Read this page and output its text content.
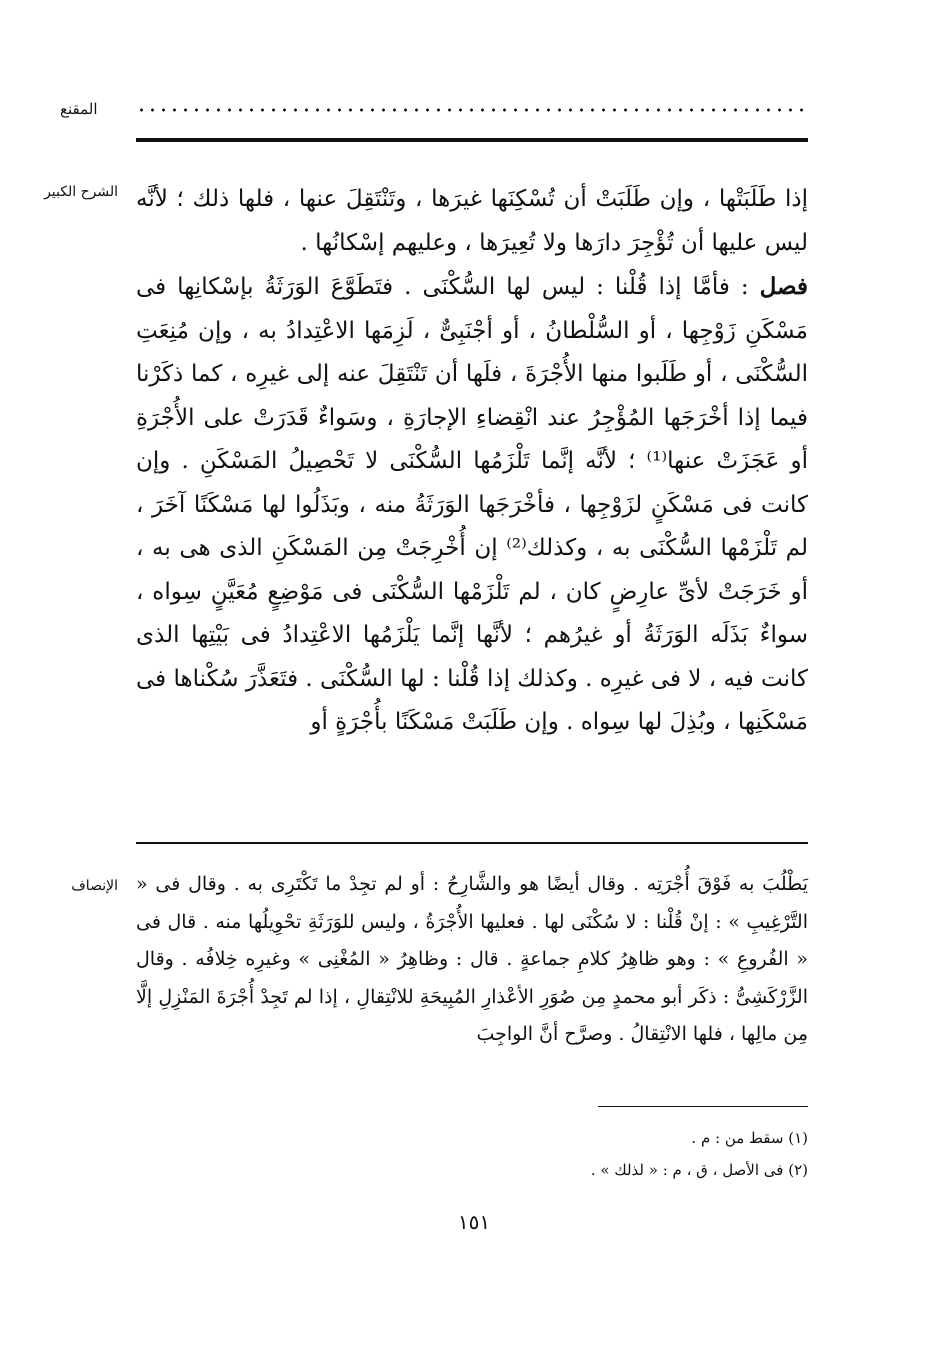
المقنع
الشرح الكبير إذا طَلَبَتْها ، وإن طَلَبَتْ أن تُسْكِنَها غيرَها ، وتَنْتَقِلَ عنها ، فلها ذلك ؛ لأنَّه ليس عليها أن تُؤْجِرَ دارَها ولا تُعِيرَها ، وعليهم إسْكانُها .

فصل : فأمَّا إذا قُلْنا : ليس لها السُّكْنَى . فتَطَوَّعَ الوَرَثَةُ بإسْكانِها فى مَسْكَنِ زَوْجِها ، أو السُّلْطانُ ، أو أجْنَبِىٌّ ، لَزِمَها الاعْتِدادُ به ، وإن مُنِعَتِ السُّكْنَى ، أو طَلَبوا منها الأُجْرَةَ ، فلَها أن تَنْتَقِلَ عنه إلى غيرِه ، كما ذكَرْنا فيما إذا أخْرَجَها المُؤْجِرُ عند انْقِضاءِ الإجارَةِ ، وسَواءٌ قَدَرَتْ على الأُجْرَةِ أو عَجَزَتْ عنها⁽¹⁾ ؛ لأنَّه إنَّما تَلْزَمُها السُّكْنَى لا تَحْصِيلُ المَسْكَنِ . وإن كانت فى مَسْكَنٍ لزَوْجِها ، فأخْرَجَها الوَرَثَةُ منه ، وبَذَلُوا لها مَسْكَنًا آخَرَ ، لم تَلْزَمْها السُّكْنَى به ، وكذلك⁽²⁾ إن أُخْرِجَتْ مِن المَسْكَنِ الذى هى به ، أو خَرَجَتْ لأىِّ عارِضٍ كان ، لم تَلْزَمْها السُّكْنَى فى مَوْضِعٍ مُعَيَّنٍ سِواه ، سواءٌ بَذَلَه الوَرَثَةُ أو غيرُهم ؛ لأنَّها إنَّما يَلْزَمُها الاعْتِدادُ فى بَيْتِها الذى كانت فيه ، لا فى غيرِه . وكذلك إذا قُلْنا : لها السُّكْنَى . فتَعَذَّرَ سُكْناها فى مَسْكَنِها ، وبُذِلَ لها سِواه . وإن طَلَبَتْ مَسْكَنًا بأُجْرَةٍ أو

الإنصاف يَطْلُبَ به فَوْقَ أُجْرَتِه . وقال أيضًا هو والشَّارِحُ : أو لم تجِدْ ما تَكْتَرِى به . وقال فى « التَّرْغِيبِ » : إنْ قُلْنا : لا سُكْنَى لها . فعليها الأُجْرَةُ ، وليس للوَرَثَةِ تحْوِيلُها منه . قال فى « الفُروعِ » : وهو ظاهِرُ كلامِ جماعةٍ . قال : وظاهِرُ « المُغْنِى » وغيرِه خِلافُه . وقال الزَّرْكَشِىُّ : ذكَر أبو محمدٍ مِن صُوَرِ الأعْذارِ المُبِيحَةِ للانْتِقالِ ، إذا لم تَجِدْ أُجْرَةَ المَنْزِلِ إلَّا مِن مالِها ، فلها الانْتِقالُ . وصرَّح أنَّ الواجِبَ

(١) سقط من : م .
(٢) فى الأصل ، ق ، م : « لذلك » .
١٥١
